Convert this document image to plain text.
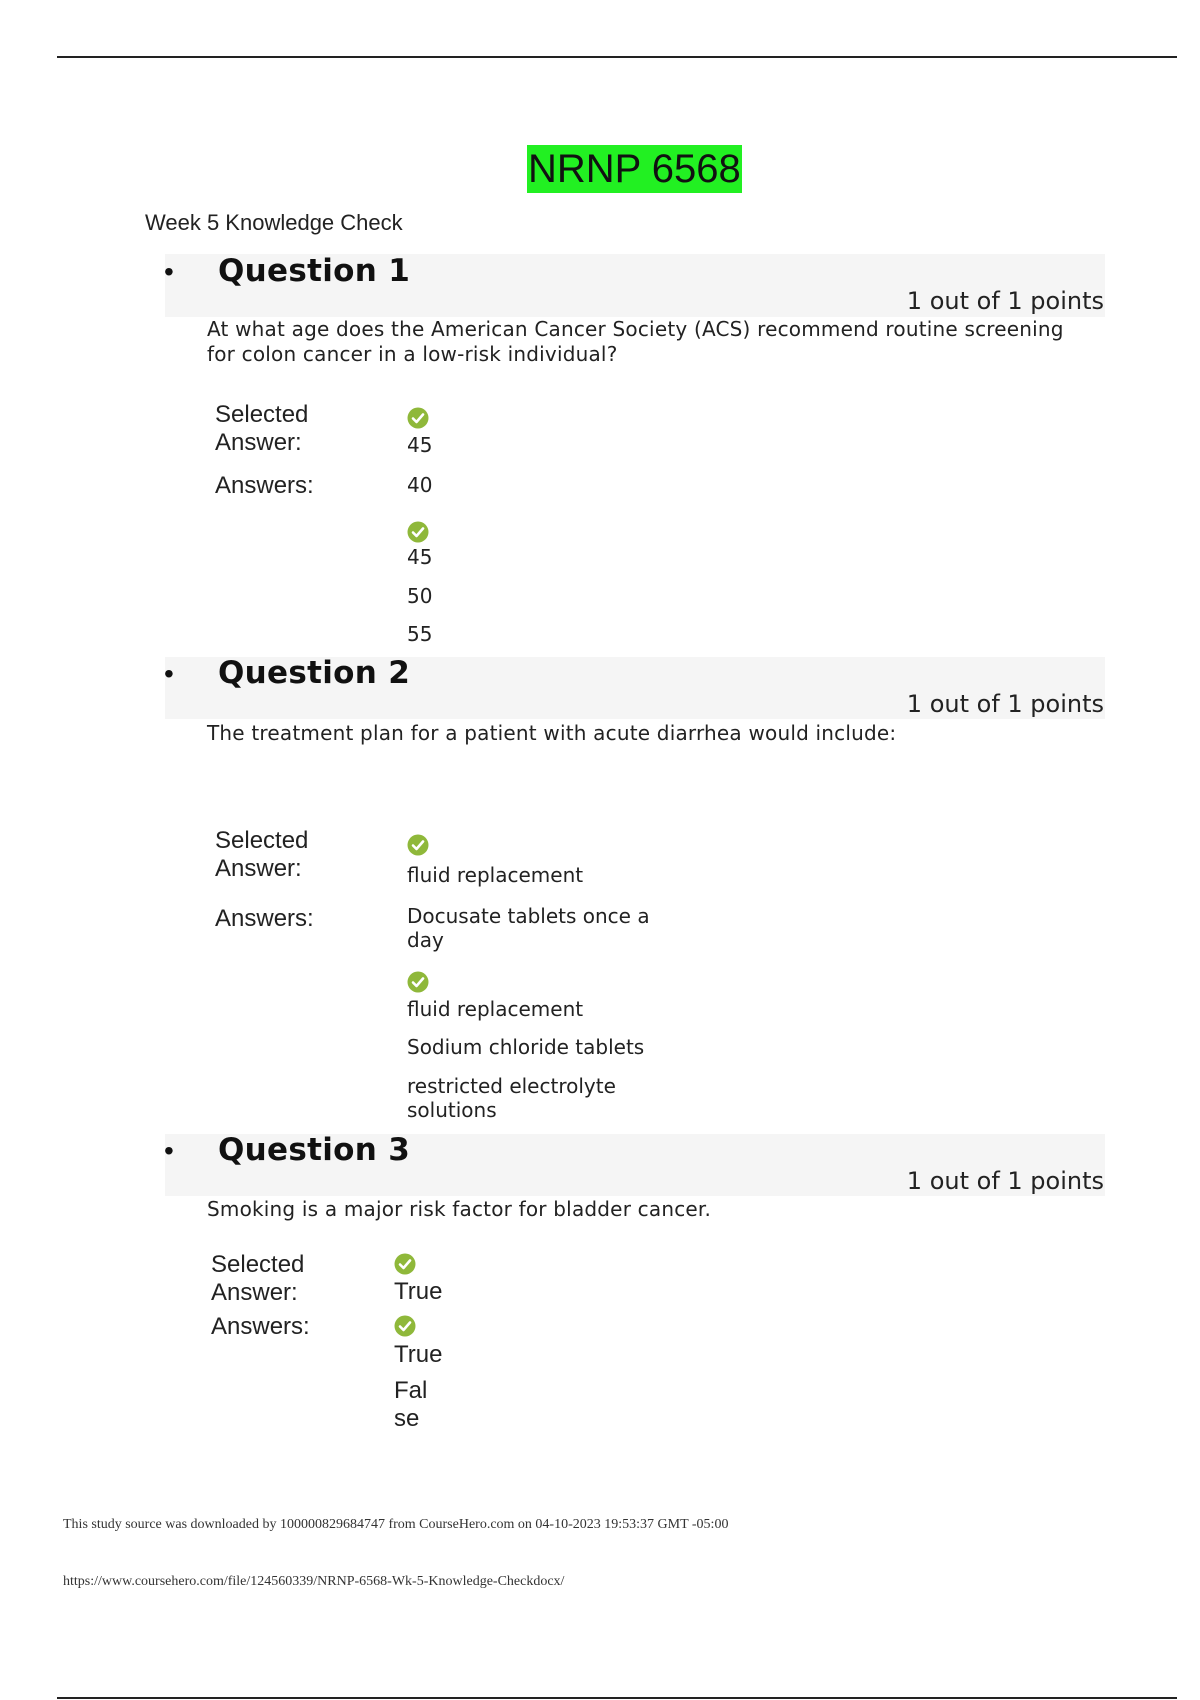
NRNP 6568
Week 5 Knowledge Check
• Question 1
1 out of 1 points
At what age does the American Cancer Society (ACS) recommend routine screening for colon cancer in a low-risk individual?
Selected Answer:	45
Answers:	40
45
50
55
• Question 2
1 out of 1 points
The treatment plan for a patient with acute diarrhea would include:
Selected Answer:	fluid replacement
Answers:	Docusate tablets once a day
fluid replacement
Sodium chloride tablets
restricted electrolyte solutions
• Question 3
1 out of 1 points
Smoking is a major risk factor for bladder cancer.
Selected Answer:	True
Answers:
True
False
This study source was downloaded by 100000829684747 from CourseHero.com on 04-10-2023 19:53:37 GMT -05:00
https://www.coursehero.com/file/124560339/NRNP-6568-Wk-5-Knowledge-Checkdocx/
